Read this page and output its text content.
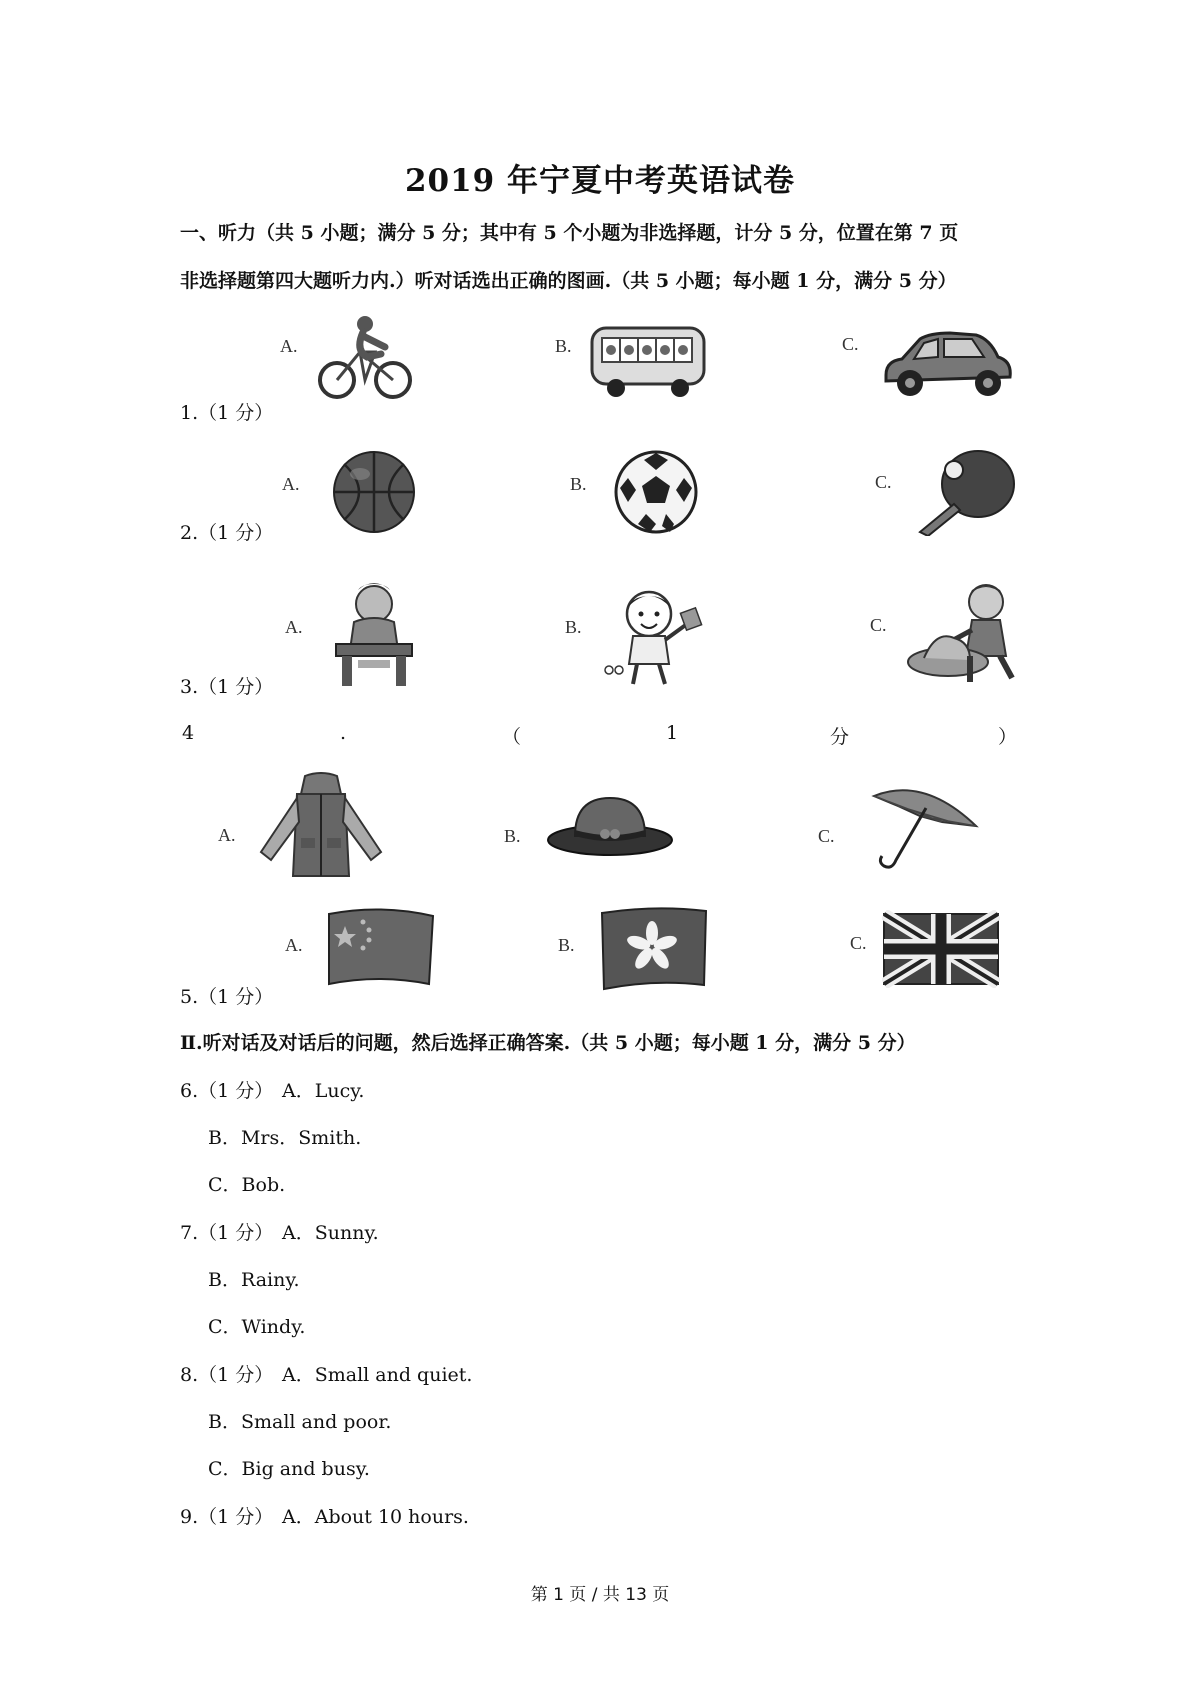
2019 年宁夏中考英语试卷
一、听力（共 5 小题；满分 5 分；其中有 5 个小题为非选择题，计分 5 分，位置在第 7 页
非选择题第四大题听力内.）听对话选出正确的图画.（共 5 小题；每小题 1 分，满分 5 分）
1.（1 分）
A.	B.	C.
2.（1 分）
A.	B.	C.
3.（1 分）
A.	B.	C.
4	.	（	1	分	）
A.	B.	C.
5.（1 分）
A.	B.	C.
Ⅱ.听对话及对话后的问题，然后选择正确答案.（共 5 小题；每小题 1 分，满分 5 分）
6.（1 分） A．Lucy.
B．Mrs．Smith.
C．Bob.
7.（1 分） A．Sunny.
B．Rainy.
C．Windy.
8.（1 分） A．Small and quiet.
B．Small and poor.
C．Big and busy.
9.（1 分） A．About 10 hours.
第 1 页 / 共 13 页
